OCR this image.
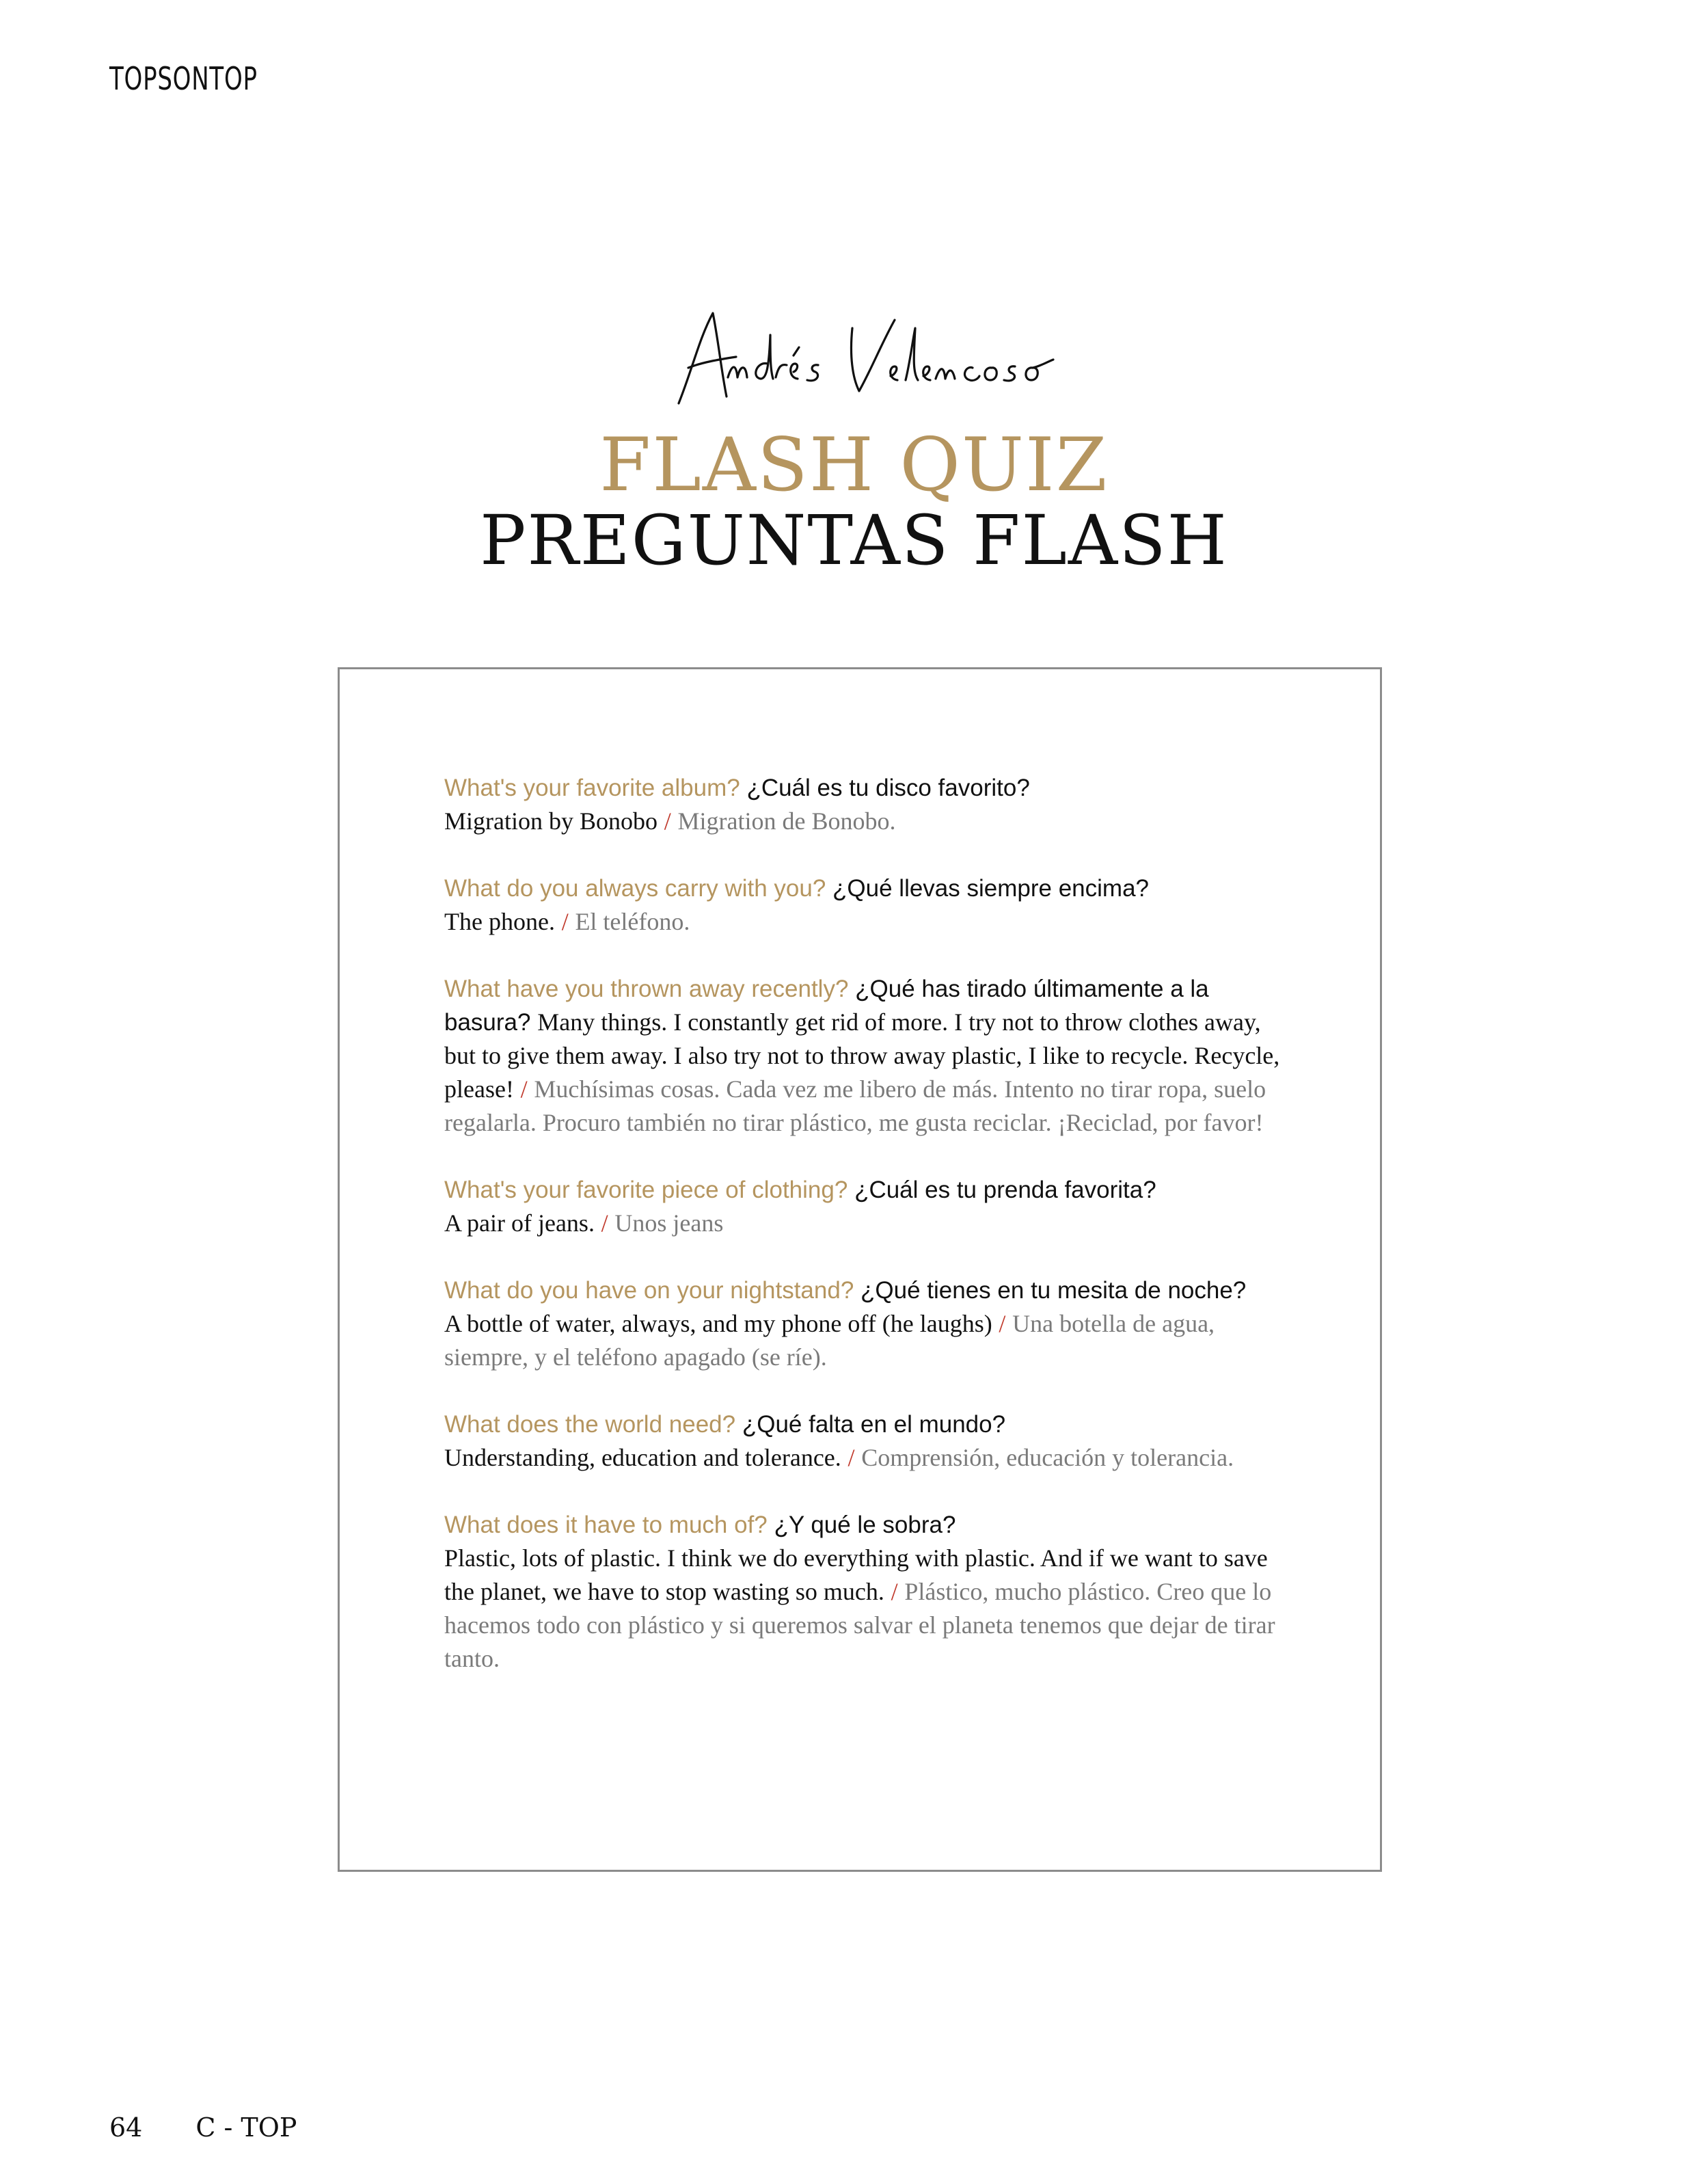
TOPSONTOP
FLASH QUIZ
PREGUNTAS FLASH
What's your favorite album? ¿Cuál es tu disco favorito?
Migration by Bonobo / Migration de Bonobo.
What do you always carry with you? ¿Qué llevas siempre encima?
The phone. / El teléfono.
What have you thrown away recently? ¿Qué has tirado últimamente a la basura? Many things. I constantly get rid of more. I try not to throw clothes away, but to give them away. I also try not to throw away plastic, I like to recycle. Recycle, please! / Muchísimas cosas. Cada vez me libero de más. Intento no tirar ropa, suelo regalarla. Procuro también no tirar plástico, me gusta reciclar. ¡Reciclad, por favor!
What's your favorite piece of clothing? ¿Cuál es tu prenda favorita?
A pair of jeans. / Unos jeans
What do you have on your nightstand? ¿Qué tienes en tu mesita de noche?
A bottle of water, always, and my phone off (he laughs) / Una botella de agua, siempre, y el teléfono apagado (se ríe).
What does the world need? ¿Qué falta en el mundo?
Understanding, education and tolerance. / Comprensión, educación y tolerancia.
What does it have to much of? ¿Y qué le sobra?
Plastic, lots of plastic. I think we do everything with plastic. And if we want to save the planet, we have to stop wasting so much. / Plástico, mucho plástico. Creo que lo hacemos todo con plástico y si queremos salvar el planeta tenemos que dejar de tirar tanto.
64 C - TOP
